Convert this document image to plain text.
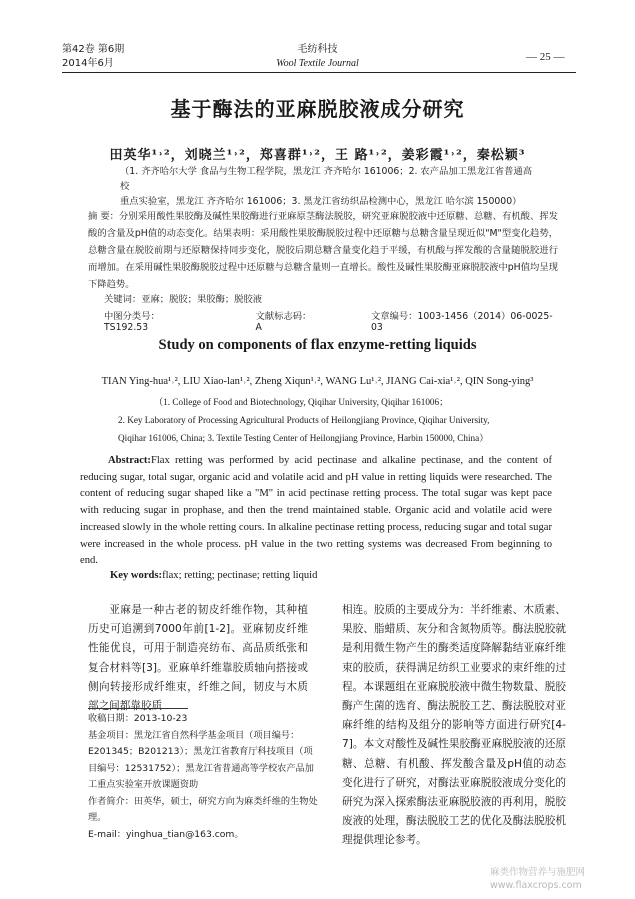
第42卷 第6期
2014年6月
毛纺科技
Wool Textile Journal
— 25 —
基于酶法的亚麻脱胶液成分研究
田英华¹˒²，刘晓兰¹˒²，郑喜群¹˒²，王 路¹˒²，姜彩霞¹˒²，秦松颖³
（1. 齐齐哈尔大学 食品与生物工程学院，黑龙江 齐齐哈尔 161006；2. 农产品加工黑龙江省普通高校
重点实验室，黑龙江 齐齐哈尔 161006；3. 黑龙江省纺织品检测中心，黑龙江 哈尔滨 150000）
摘 要：分别采用酸性果胶酶及碱性果胶酶进行亚麻原茎酶法脱胶，研究亚麻脱胶液中还原糖、总糖、有机酸、挥发酸的含量及pH值的动态变化。结果表明：采用酸性果胶酶脱胶过程中还原糖与总糖含量呈现近似"M"型变化趋势，总糖含量在脱胶前期与还原糖保持同步变化，脱胶后期总糖含量变化趋于平缓，有机酸与挥发酸的含量随脱胶进行而增加。在采用碱性果胶酶脱胶过程中还原糖与总糖含量则一直增长。酸性及碱性果胶酶亚麻脱胶液中pH值均呈现下降趋势。
关键词：亚麻；脱胶；果胶酶；脱胶液
中图分类号：TS192.53
文献标志码：A
文章编号：1003-1456（2014）06-0025-03
Study on components of flax enzyme-retting liquids
TIAN Ying-hua¹˒², LIU Xiao-lan¹˒², Zheng Xiqun¹˒², WANG Lu¹˒², JIANG Cai-xia¹˒², QIN Song-ying³
（1. College of Food and Biotechnology, Qiqihar University, Qiqihar 161006；
2. Key Laboratory of Processing Agricultural Products of Heilongjiang Province, Qiqihar University,
Qiqihar 161006, China; 3. Textile Testing Center of Heilongjiang Province, Harbin 150000, China）
Abstract:Flax retting was performed by acid pectinase and alkaline pectinase, and the content of reducing sugar, total sugar, organic acid and volatile acid and pH value in retting liquids were researched. The content of reducing sugar shaped like a "M" in acid pectinase retting process. The total sugar was kept pace with reducing sugar in prophase, and then the trend maintained stable. Organic acid and volatile acid were increased slowly in the whole retting cours. In alkaline pectinase retting process, reducing sugar and total sugar were increased in the whole process. pH value in the two retting systems was decreased From beginning to end.
Key words:flax; retting; pectinase; retting liquid
亚麻是一种古老的韧皮纤维作物，其种植历史可追溯到7000年前[1-2]。亚麻韧皮纤维性能优良，可用于制造亮纺布、高品质纸张和复合材料等[3]。亚麻单纤维靠胶质轴向搭接或侧向转接形成纤维束，纤维之间，韧皮与木质部之间都靠胶质
相连。胶质的主要成分为：半纤维素、木质素、果胶、脂蜡质、灰分和含氮物质等。酶法脱胶就是利用微生物产生的酶类适度降解黏结亚麻纤维束的胶质，获得满足纺织工业要求的束纤维的过程。本课题组在亚麻脱胶液中微生物数量、脱胶酶产生菌的选育、酶法脱胶工艺、酶法脱胶对亚麻纤维的结构及组分的影响等方面进行研究[4-7]。本文对酸性及碱性果胶酶亚麻脱胶液的还原糖、总糖、有机酸、挥发酸含量及pH值的动态变化进行了研究，对酶法亚麻脱胶液成分变化的研究为深入探索酶法亚麻脱胶液的再利用，脱胶废液的处理，酶法脱胶工艺的优化及酶法脱胶机理提供理论参考。
收稿日期：2013-10-23
基金项目：黑龙江省自然科学基金项目（项目编号：E201345；B201213）；黑龙江省教育厅科技项目（项目编号：12531752）；黑龙江省普通高等学校农产品加工重点实验室开放课题资助
作者简介：田英华，硕士，研究方向为麻类纤维的生物处理。
E-mail：yinghua_tian@163.com。
麻类作物营养与施肥网
www.flaxcrops.com
